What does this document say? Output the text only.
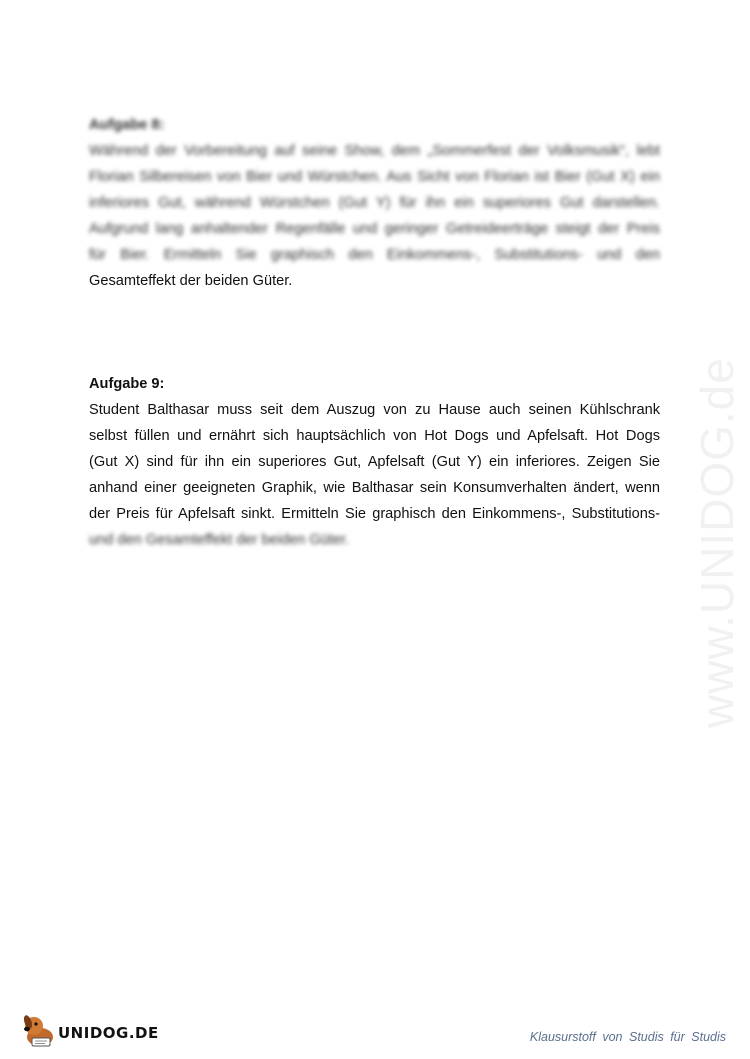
www.UNIDOG.de
Aufgabe 8:
Während der Vorbereitung auf seine Show, dem „Sommerfest der Volksmusik“, lebt
Florian Silbereisen von Bier und Würstchen. Aus Sicht von Florian ist Bier (Gut X) ein
inferiores Gut, während Würstchen (Gut Y) für ihn ein superiores Gut darstellen.
Aufgrund lang anhaltender Regenfälle und geringer Getreideerträge steigt der Preis
für Bier. Ermitteln Sie graphisch den Einkommens-, Substitutions- und den
Gesamteffekt der beiden Güter.
Aufgabe 9:
Student Balthasar muss seit dem Auszug von zu Hause auch seinen Kühlschrank
selbst füllen und ernährt sich hauptsächlich von Hot Dogs und Apfelsaft. Hot Dogs
(Gut X) sind für ihn ein superiores Gut, Apfelsaft (Gut Y) ein inferiores. Zeigen Sie
anhand einer geeigneten Graphik, wie Balthasar sein Konsumverhalten ändert, wenn
der Preis für Apfelsaft sinkt. Ermitteln Sie graphisch den Einkommens-, Substitutions-
und den Gesamteffekt der beiden Güter.
UNIDOG.DE	Klausurstoff von Studis für Studis
